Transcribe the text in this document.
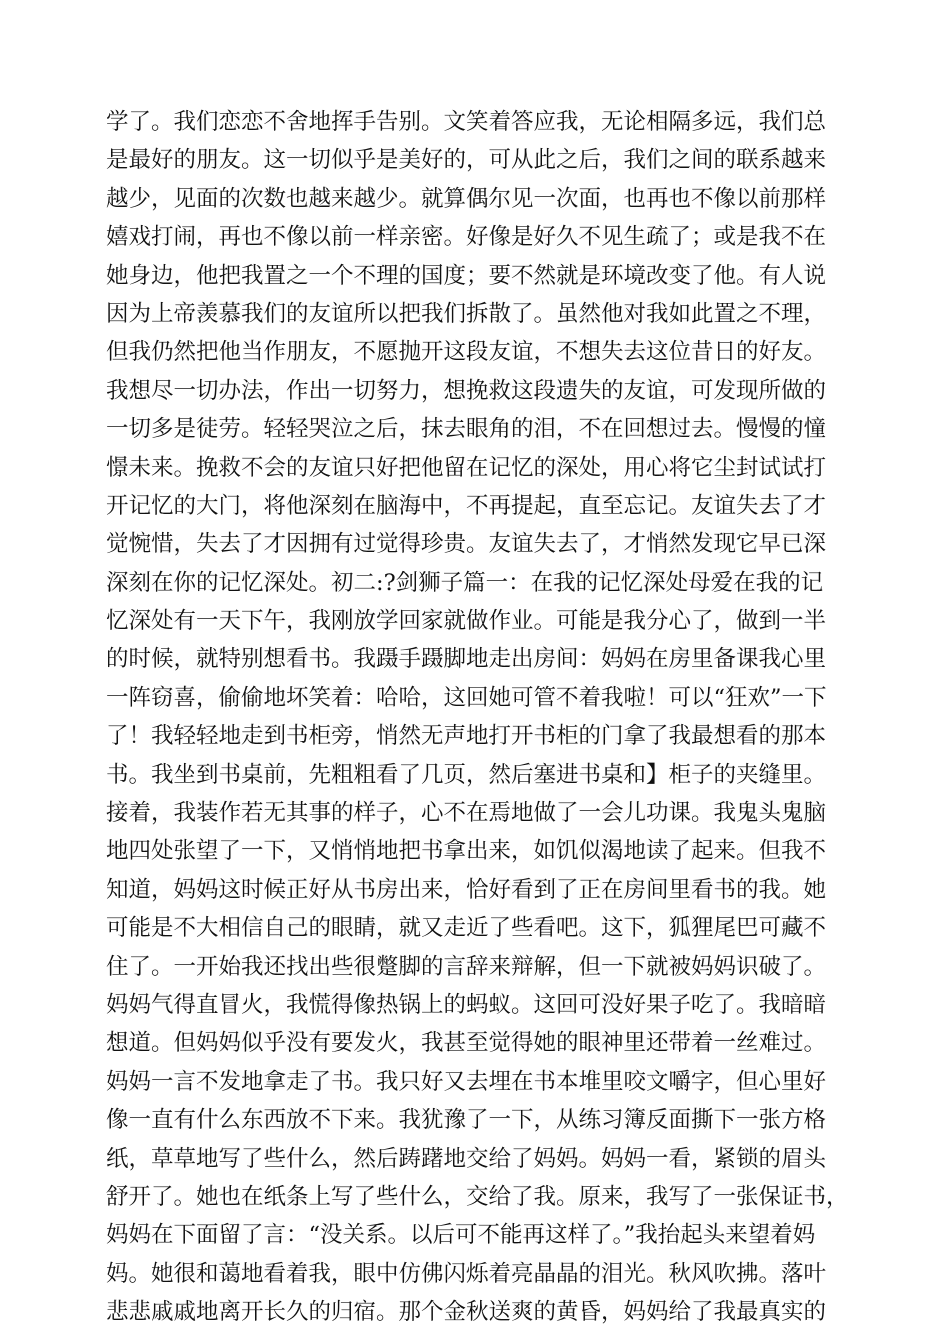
学了。我们恋恋不舍地挥手告别。文笑着答应我，无论相隔多远，我们总
是最好的朋友。这一切似乎是美好的，可从此之后，我们之间的联系越来
越少，见面的次数也越来越少。就算偶尔见一次面，也再也不像以前那样
嬉戏打闹，再也不像以前一样亲密。好像是好久不见生疏了；或是我不在
她身边，他把我置之一个不理的国度；要不然就是环境改变了他。有人说
因为上帝羡慕我们的友谊所以把我们拆散了。虽然他对我如此置之不理，
但我仍然把他当作朋友，不愿抛开这段友谊，不想失去这位昔日的好友。
我想尽一切办法，作出一切努力，想挽救这段遗失的友谊，可发现所做的
一切多是徒劳。轻轻哭泣之后，抹去眼角的泪，不在回想过去。慢慢的憧
憬未来。挽救不会的友谊只好把他留在记忆的深处，用心将它尘封试试打
开记忆的大门，将他深刻在脑海中，不再提起，直至忘记。友谊失去了才
觉惋惜，失去了才因拥有过觉得珍贵。友谊失去了，才悄然发现它早已深
深刻在你的记忆深处。初二:?剑狮子篇一：在我的记忆深处母爱在我的记
忆深处有一天下午，我刚放学回家就做作业。可能是我分心了，做到一半
的时候，就特别想看书。我蹑手蹑脚地走出房间：妈妈在房里备课我心里
一阵窃喜，偷偷地坏笑着：哈哈，这回她可管不着我啦！可以“狂欢”一下
了！我轻轻地走到书柜旁，悄然无声地打开书柜的门拿了我最想看的那本
书。我坐到书桌前，先粗粗看了几页，然后塞进书桌和】柜子的夹缝里。
接着，我装作若无其事的样子，心不在焉地做了一会儿功课。我鬼头鬼脑
地四处张望了一下，又悄悄地把书拿出来，如饥似渴地读了起来。但我不
知道，妈妈这时候正好从书房出来，恰好看到了正在房间里看书的我。她
可能是不大相信自己的眼睛，就又走近了些看吧。这下，狐狸尾巴可藏不
住了。一开始我还找出些很蹩脚的言辞来辩解，但一下就被妈妈识破了。
妈妈气得直冒火，我慌得像热锅上的蚂蚁。这回可没好果子吃了。我暗暗
想道。但妈妈似乎没有要发火，我甚至觉得她的眼神里还带着一丝难过。
妈妈一言不发地拿走了书。我只好又去埋在书本堆里咬文嚼字，但心里好
像一直有什么东西放不下来。我犹豫了一下，从练习簿反面撕下一张方格
纸，草草地写了些什么，然后踌躇地交给了妈妈。妈妈一看，紧锁的眉头
舒开了。她也在纸条上写了些什么，交给了我。原来，我写了一张保证书，
妈妈在下面留了言：“没关系。以后可不能再这样了。”我抬起头来望着妈
妈。她很和蔼地看着我，眼中仿佛闪烁着亮晶晶的泪光。秋风吹拂。落叶
悲悲戚戚地离开长久的归宿。那个金秋送爽的黄昏，妈妈给了我最真实的
